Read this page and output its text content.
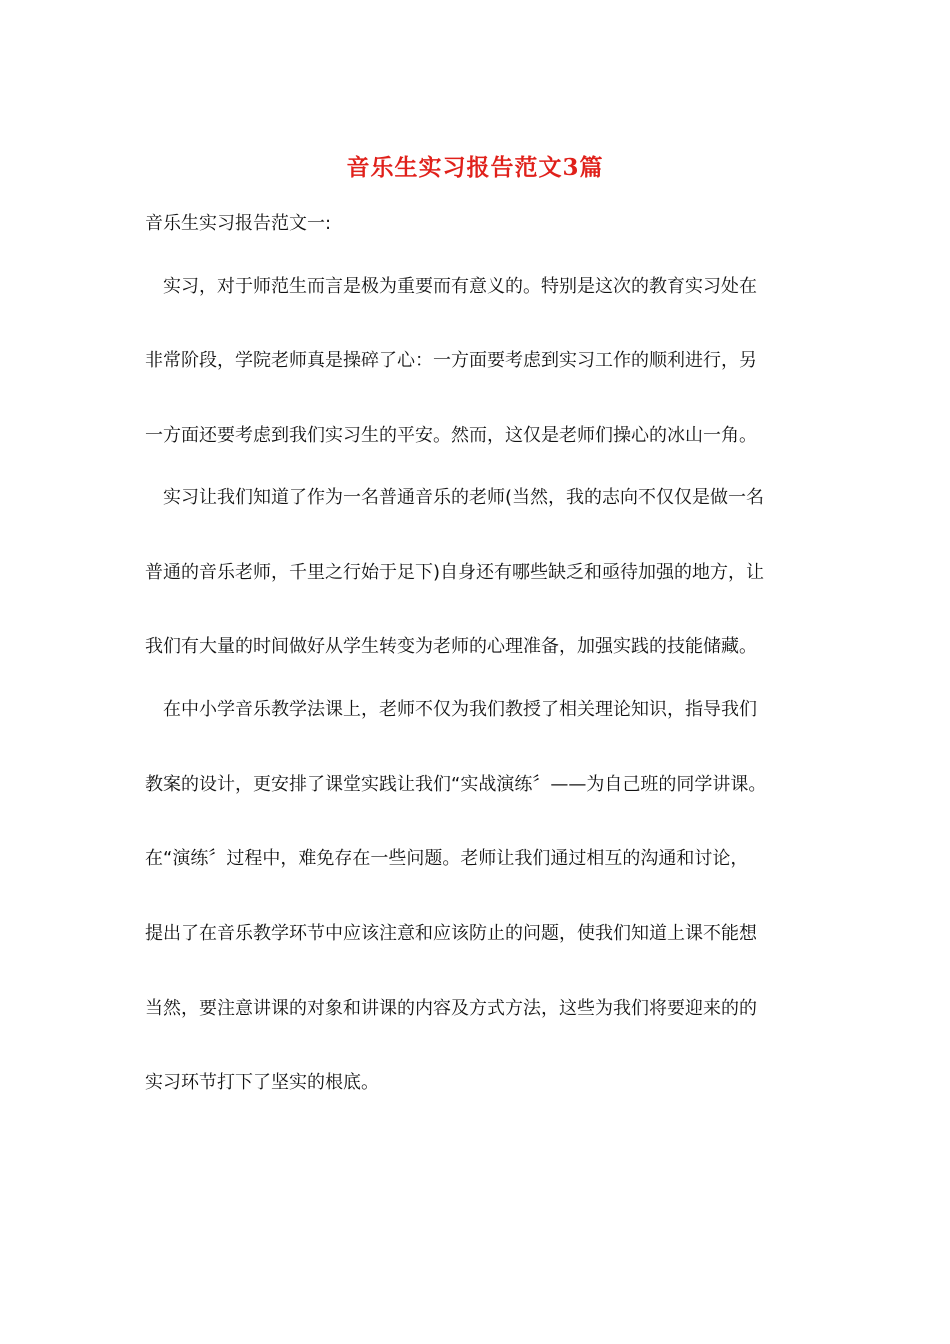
音乐生实习报告范文3篇
音乐生实习报告范文一:
实习，对于师范生而言是极为重要而有意义的。特别是这次的教育实习处在
非常阶段，学院老师真是操碎了心：一方面要考虑到实习工作的顺利进行，另
一方面还要考虑到我们实习生的平安。然而，这仅是老师们操心的冰山一角。
实习让我们知道了作为一名普通音乐的老师(当然，我的志向不仅仅是做一名
普通的音乐老师，千里之行始于足下)自身还有哪些缺乏和亟待加强的地方，让
我们有大量的时间做好从学生转变为老师的心理准备，加强实践的技能储藏。
在中小学音乐教学法课上，老师不仅为我们教授了相关理论知识，指导我们
教案的设计，更安排了课堂实践让我们“实战演练〞——为自己班的同学讲课。
在“演练〞过程中，难免存在一些问题。老师让我们通过相互的沟通和讨论，
提出了在音乐教学环节中应该注意和应该防止的问题，使我们知道上课不能想
当然，要注意讲课的对象和讲课的内容及方式方法，这些为我们将要迎来的的
实习环节打下了坚实的根底。
